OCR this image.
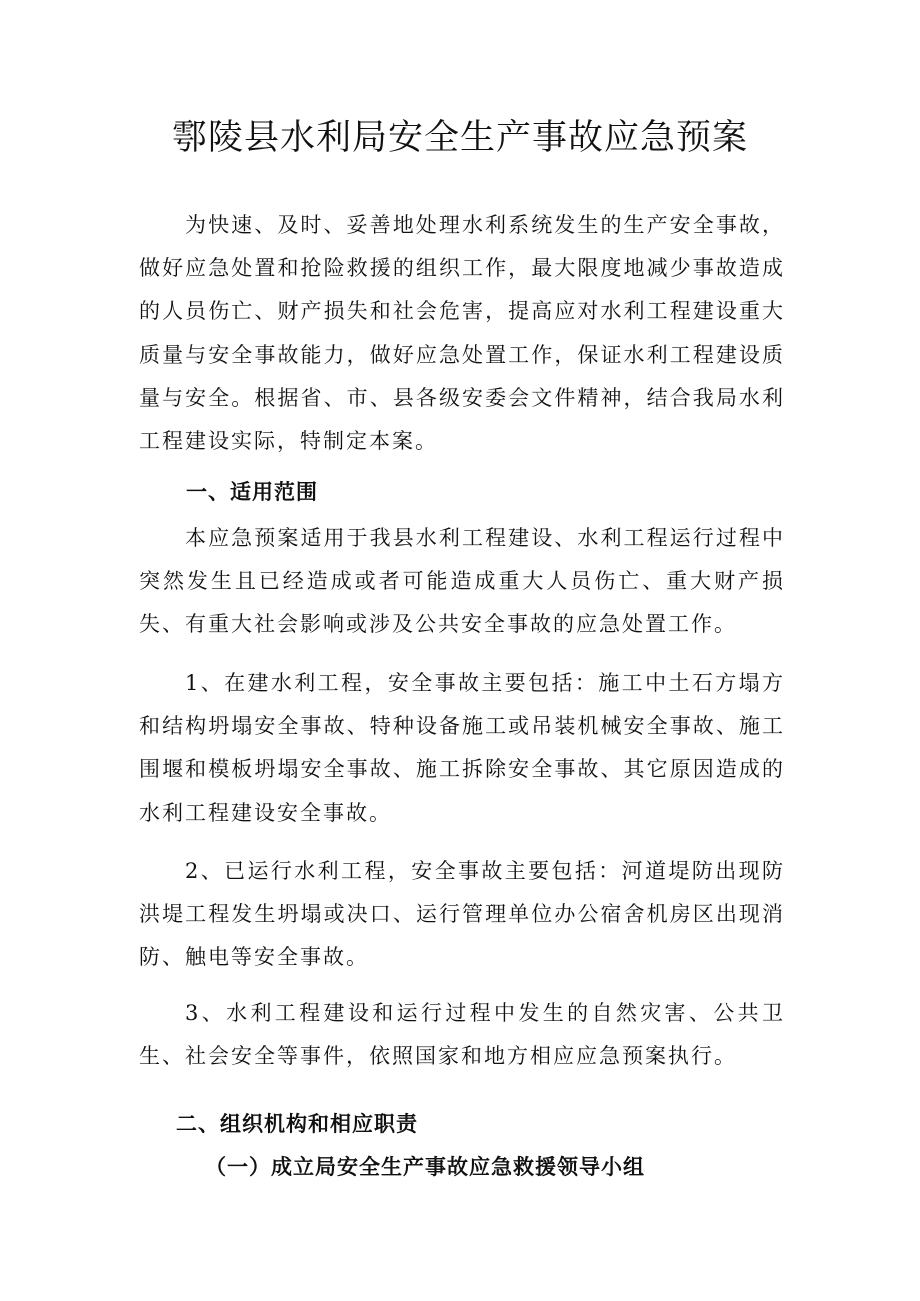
鄠陵县水利局安全生产事故应急预案

为快速、及时、妥善地处理水利系统发生的生产安全事故，做好应急处置和抢险救援的组织工作，最大限度地减少事故造成的人员伤亡、财产损失和社会危害，提高应对水利工程建设重大质量与安全事故能力，做好应急处置工作，保证水利工程建设质量与安全。根据省、市、县各级安委会文件精神，结合我局水利工程建设实际，特制定本案。

一、适用范围

本应急预案适用于我县水利工程建设、水利工程运行过程中突然发生且已经造成或者可能造成重大人员伤亡、重大财产损失、有重大社会影响或涉及公共安全事故的应急处置工作。

1、在建水利工程，安全事故主要包括：施工中土石方塌方和结构坍塌安全事故、特种设备施工或吊装机械安全事故、施工围堰和模板坍塌安全事故、施工拆除安全事故、其它原因造成的水利工程建设安全事故。

2、已运行水利工程，安全事故主要包括：河道堤防出现防洪堤工程发生坍塌或决口、运行管理单位办公宿舍机房区出现消防、触电等安全事故。

3、水利工程建设和运行过程中发生的自然灾害、公共卫生、社会安全等事件，依照国家和地方相应应急预案执行。

二、组织机构和相应职责
（一）成立局安全生产事故应急救援领导小组
